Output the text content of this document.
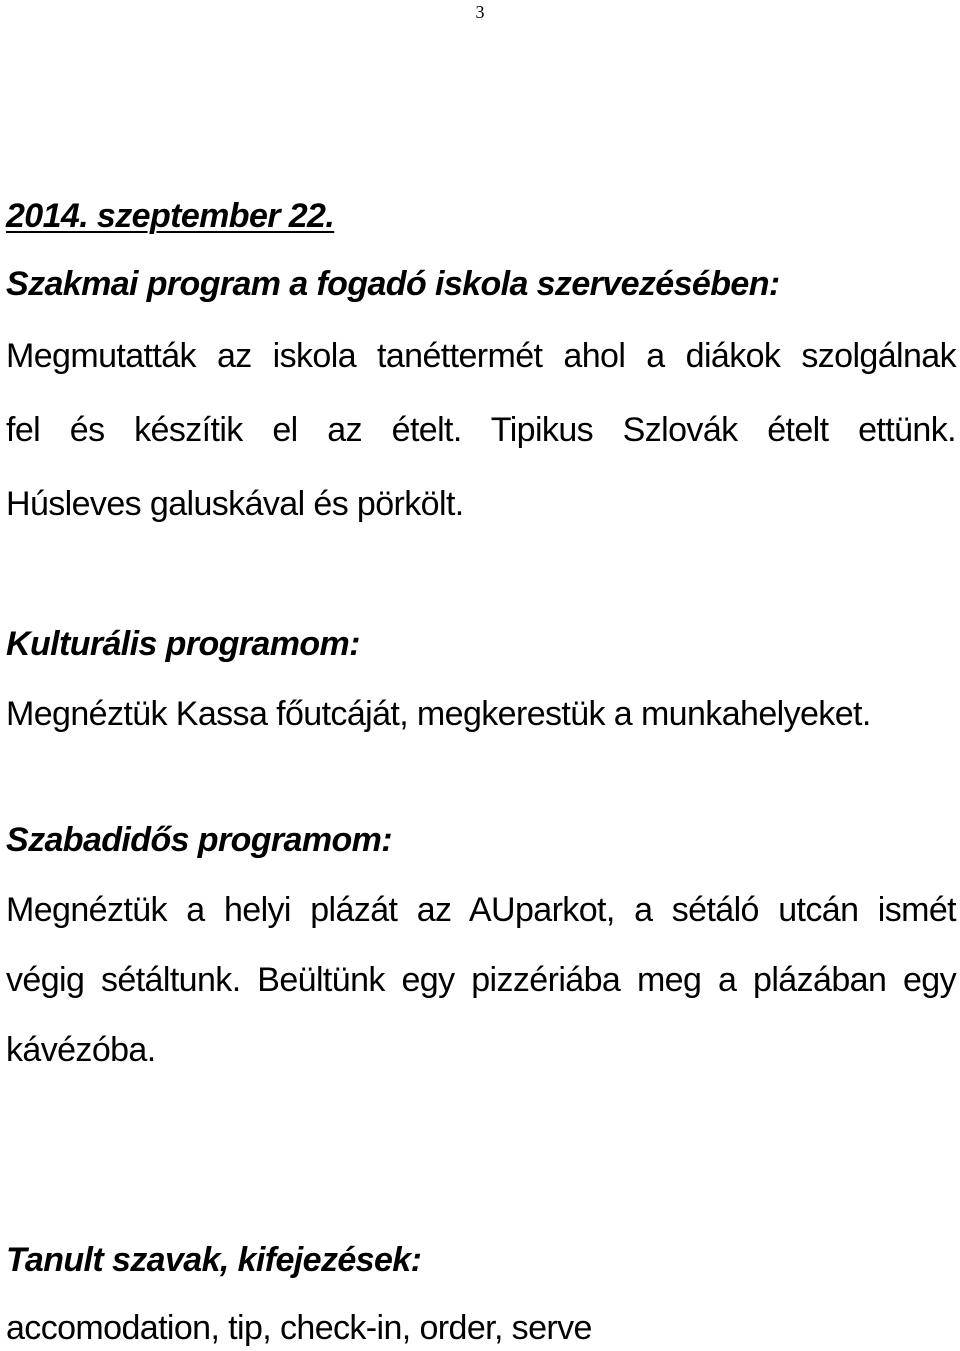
3
2014. szeptember 22.
Szakmai program a fogadó iskola szervezésében:
Megmutatták az iskola tanéttermét ahol a diákok szolgálnak
fel és készítik el az ételt. Tipikus Szlovák ételt ettünk.
Húsleves galuskával és pörkölt.
Kulturális programom:
Megnéztük Kassa főutcáját, megkerestük a munkahelyeket.
Szabadidős programom:
Megnéztük a helyi plázát az AUparkot, a sétáló utcán ismét
végig sétáltunk. Beültünk egy pizzériába meg a plázában egy
kávézóba.
Tanult szavak, kifejezések:
accomodation, tip, check-in, order, serve
